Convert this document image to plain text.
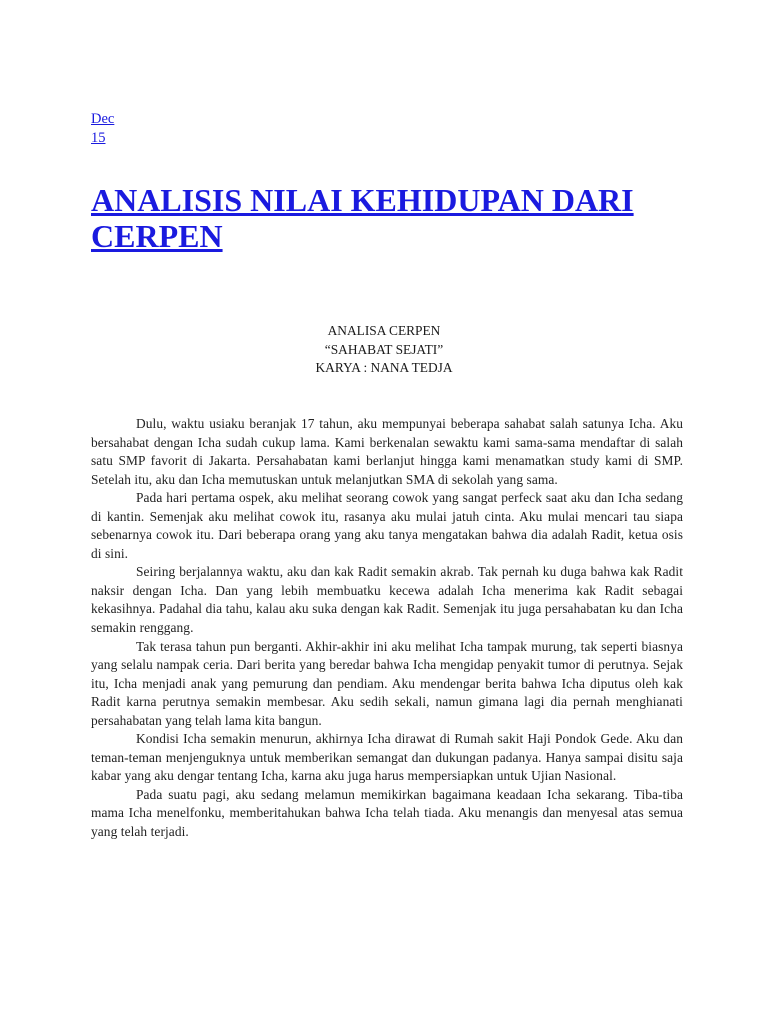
Dec
15
ANALISIS NILAI KEHIDUPAN DARI CERPEN
ANALISA CERPEN
“SAHABAT SEJATI”
KARYA : NANA TEDJA

Dulu, waktu usiaku beranjak 17 tahun, aku mempunyai beberapa sahabat salah satunya Icha. Aku bersahabat dengan Icha sudah cukup lama. Kami berkenalan sewaktu kami sama-sama mendaftar di salah satu SMP favorit di Jakarta. Persahabatan kami berlanjut hingga kami menamatkan study kami di SMP. Setelah itu, aku dan Icha memutuskan untuk melanjutkan SMA di sekolah yang sama.

Pada hari pertama ospek, aku melihat seorang cowok yang sangat perfeck saat aku dan Icha sedang di kantin. Semenjak aku melihat cowok itu, rasanya aku mulai jatuh cinta. Aku mulai mencari tau siapa sebenarnya cowok itu. Dari beberapa orang yang aku tanya mengatakan bahwa dia adalah Radit, ketua osis di sini.

Seiring berjalannya waktu, aku dan kak Radit semakin akrab. Tak pernah ku duga bahwa kak Radit naksir dengan Icha. Dan yang lebih membuatku kecewa adalah Icha menerima kak Radit sebagai kekasihnya. Padahal dia tahu, kalau aku suka dengan kak Radit. Semenjak itu juga persahabatan ku dan Icha semakin renggang.

Tak terasa tahun pun berganti. Akhir-akhir ini aku melihat Icha tampak murung, tak seperti biasnya yang selalu nampak ceria. Dari berita yang beredar bahwa Icha mengidap penyakit tumor di perutnya. Sejak itu, Icha menjadi anak yang pemurung dan pendiam. Aku mendengar berita bahwa Icha diputus oleh kak Radit karna perutnya semakin membesar. Aku sedih sekali, namun gimana lagi dia pernah menghianati persahabatan yang telah lama kita bangun.

Kondisi Icha semakin menurun, akhirnya Icha dirawat di Rumah sakit Haji Pondok Gede. Aku dan teman-teman menjenguknya untuk memberikan semangat dan dukungan padanya. Hanya sampai disitu saja kabar yang aku dengar tentang Icha, karna aku juga harus mempersiapkan untuk Ujian Nasional.

Pada suatu pagi, aku sedang melamun memikirkan bagaimana keadaan Icha sekarang. Tiba-tiba mama Icha menelfonku, memberitahukan bahwa Icha telah tiada. Aku menangis dan menyesal atas semua yang telah terjadi.
